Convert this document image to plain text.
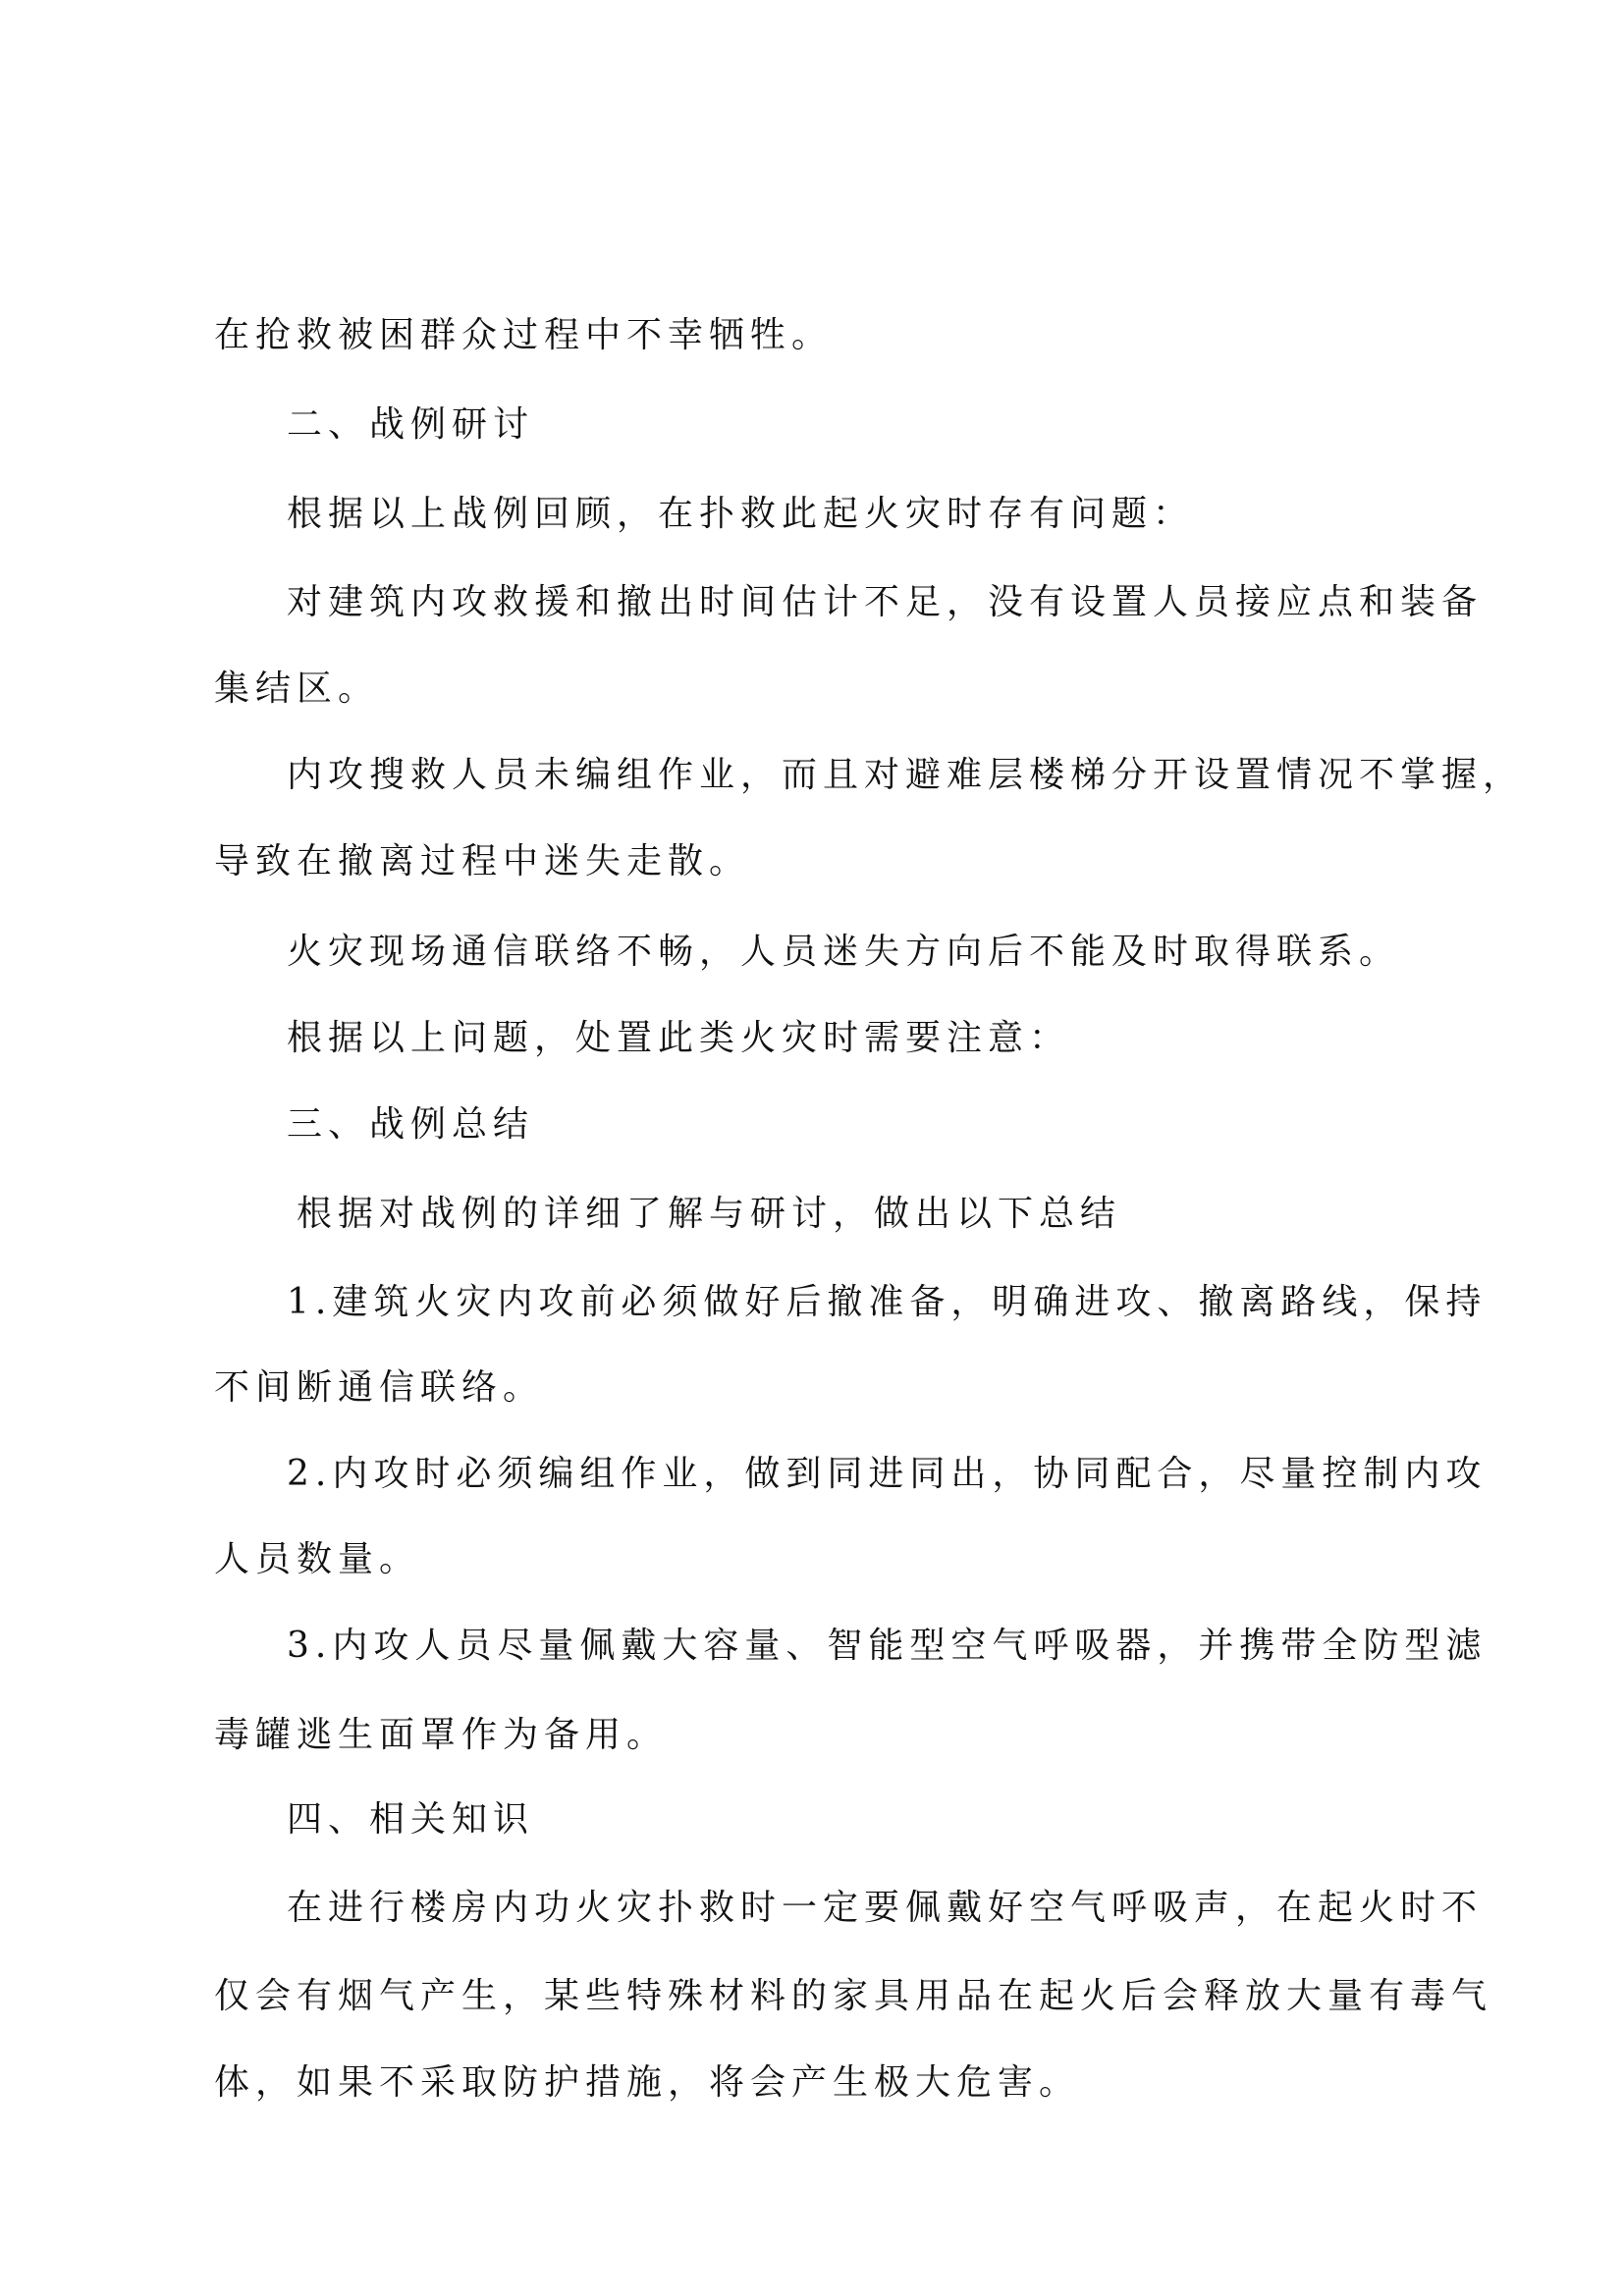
在抢救被困群众过程中不幸牺牲。
二、战例研讨
根据以上战例回顾，在扑救此起火灾时存有问题：
对建筑内攻救援和撤出时间估计不足，没有设置人员接应点和装备
集结区。
内攻搜救人员未编组作业，而且对避难层楼梯分开设置情况不掌握，
导致在撤离过程中迷失走散。
火灾现场通信联络不畅，人员迷失方向后不能及时取得联系。
根据以上问题，处置此类火灾时需要注意：
三、战例总结
根据对战例的详细了解与研讨，做出以下总结
1.建筑火灾内攻前必须做好后撤准备，明确进攻、撤离路线，保持
不间断通信联络。
2.内攻时必须编组作业，做到同进同出，协同配合，尽量控制内攻
人员数量。
3.内攻人员尽量佩戴大容量、智能型空气呼吸器，并携带全防型滤
毒罐逃生面罩作为备用。
四、相关知识
在进行楼房内功火灾扑救时一定要佩戴好空气呼吸声，在起火时不
仅会有烟气产生，某些特殊材料的家具用品在起火后会释放大量有毒气
体，如果不采取防护措施，将会产生极大危害。
